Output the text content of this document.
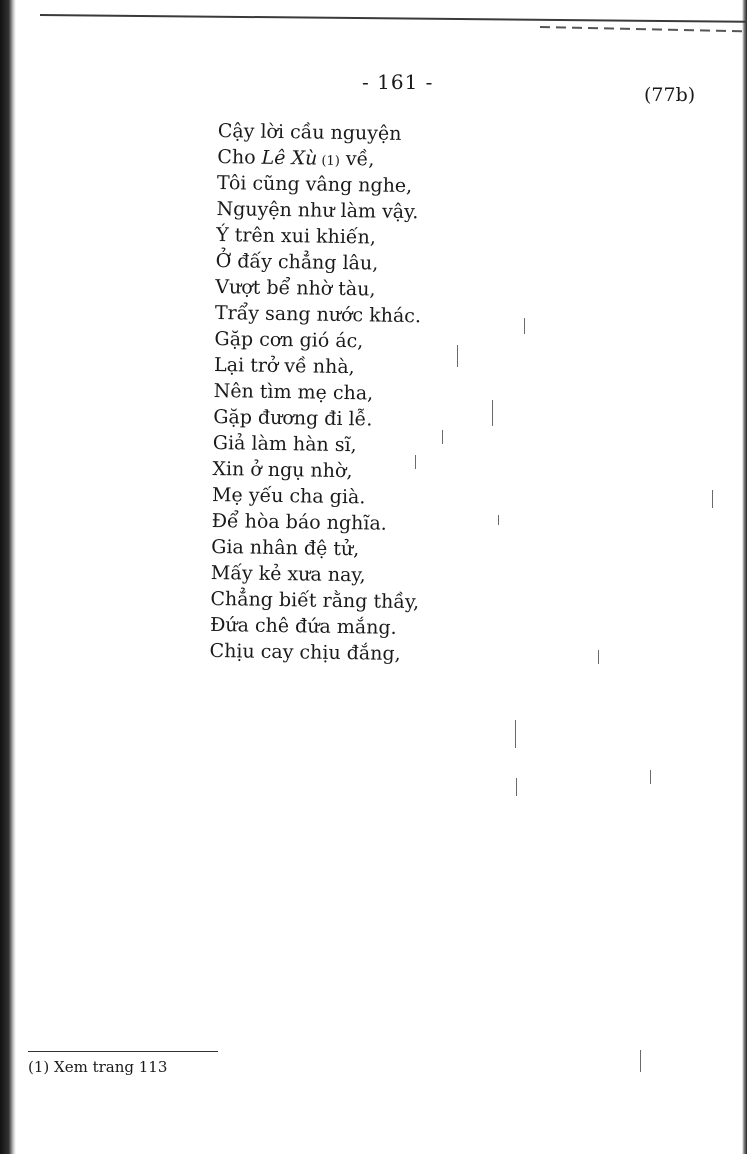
- 161 -
(77b)
Cậy lời cầu nguyện
Cho Lê Xù (1) về,
Tôi cũng vâng nghe,
Nguyện như làm vậy.
Ý trên xui khiến,
Ở đấy chẳng lâu,
Vượt bể nhờ tàu,
Trẩy sang nước khác.
Gặp cơn gió ác,
Lại trở về nhà,
Nên tìm mẹ cha,
Gặp đương đi lễ.
Giả làm hàn sĩ,
Xin ở ngụ nhờ,
Mẹ yếu cha già.
Để hòa báo nghĩa.
Gia nhân đệ tử,
Mấy kẻ xưa nay,
Chẳng biết rằng thầy,
Đứa chê đứa mắng.
Chịu cay chịu đắng,
(1) Xem trang 113
